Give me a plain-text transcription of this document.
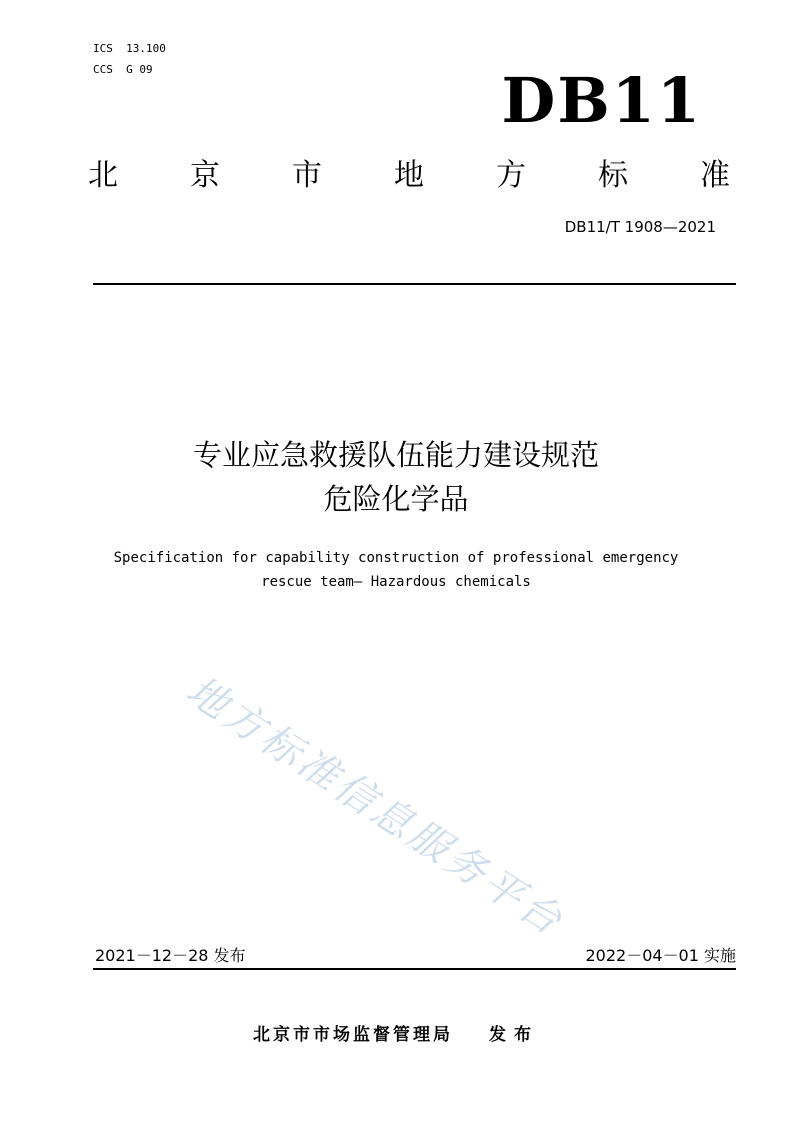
ICS  13.100
CCS  G 09	DB11
北 京 市 地 方 标 准
DB11/T 1908—2021
专业应急救援队伍能力建设规范
危险化学品
Specification for capability construction of professional emergency
rescue team— Hazardous chemicals
地方标准信息服务平台
2021－12－28 发布	2022－04－01 实施
北京市市场监督管理局 发布
